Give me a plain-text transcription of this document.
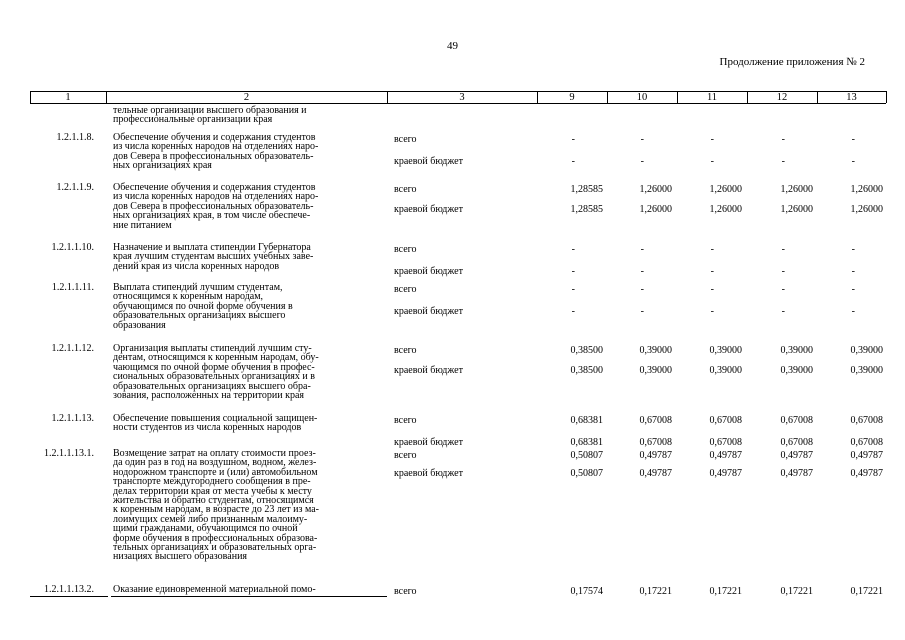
49
Продолжение приложения № 2
1	2	3	9	10	11	12	13
тельные организации высшего образования и
профессиональные организации края
1.2.1.1.8. Обеспечение обучения и содержания студентов
из числа коренных народов на отделениях наро-
дов Севера в профессиональных образователь-
ных организациях края
всего	-	-	-	-	-
краевой бюджет	-	-	-	-	-
1.2.1.1.9. Обеспечение обучения и содержания студентов
из числа коренных народов на отделениях наро-
дов Севера в профессиональных образователь-
ных организациях края, в том числе обеспече-
ние питанием
всего	1,28585	1,26000	1,26000	1,26000	1,26000
краевой бюджет	1,28585	1,26000	1,26000	1,26000	1,26000
1.2.1.1.10. Назначение и выплата стипендии Губернатора
края лучшим студентам высших учебных заве-
дений края из числа коренных народов
всего	-	-	-	-	-
краевой бюджет	-	-	-	-	-
1.2.1.1.11. Выплата стипендий лучшим студентам,
относящимся к коренным народам,
обучающимся по очной форме обучения в
образовательных организациях высшего
образования
всего	-	-	-	-	-
краевой бюджет	-	-	-	-	-
1.2.1.1.12. Организация выплаты стипендий лучшим сту-
дентам, относящимся к коренным народам, обу-
чающимся по очной форме обучения в профес-
сиональных образовательных организациях и в
образовательных организациях высшего обра-
зования, расположенных на территории края
всего	0,38500	0,39000	0,39000	0,39000	0,39000
краевой бюджет	0,38500	0,39000	0,39000	0,39000	0,39000
1.2.1.1.13. Обеспечение повышения социальной защищен-
ности студентов из числа коренных народов
всего	0,68381	0,67008	0,67008	0,67008	0,67008
краевой бюджет	0,68381	0,67008	0,67008	0,67008	0,67008
1.2.1.1.13.1. Возмещение затрат на оплату стоимости проез-
да один раз в год на воздушном, водном, желез-
нодорожном транспорте и (или) автомобильном
транспорте междугороднего сообщения в пре-
делах территории края от места учебы к месту
жительства и обратно студентам, относящимся
к коренным народам, в возрасте до 23 лет из ма-
лоимущих семей либо признанным малоиму-
щими гражданами, обучающимся по очной
форме обучения в профессиональных образова-
тельных организациях и образовательных орга-
низациях высшего образования
всего	0,50807	0,49787	0,49787	0,49787	0,49787
краевой бюджет	0,50807	0,49787	0,49787	0,49787	0,49787
1.2.1.1.13.2. Оказание единовременной материальной помо-	всего	0,17574	0,17221	0,17221	0,17221	0,17221
